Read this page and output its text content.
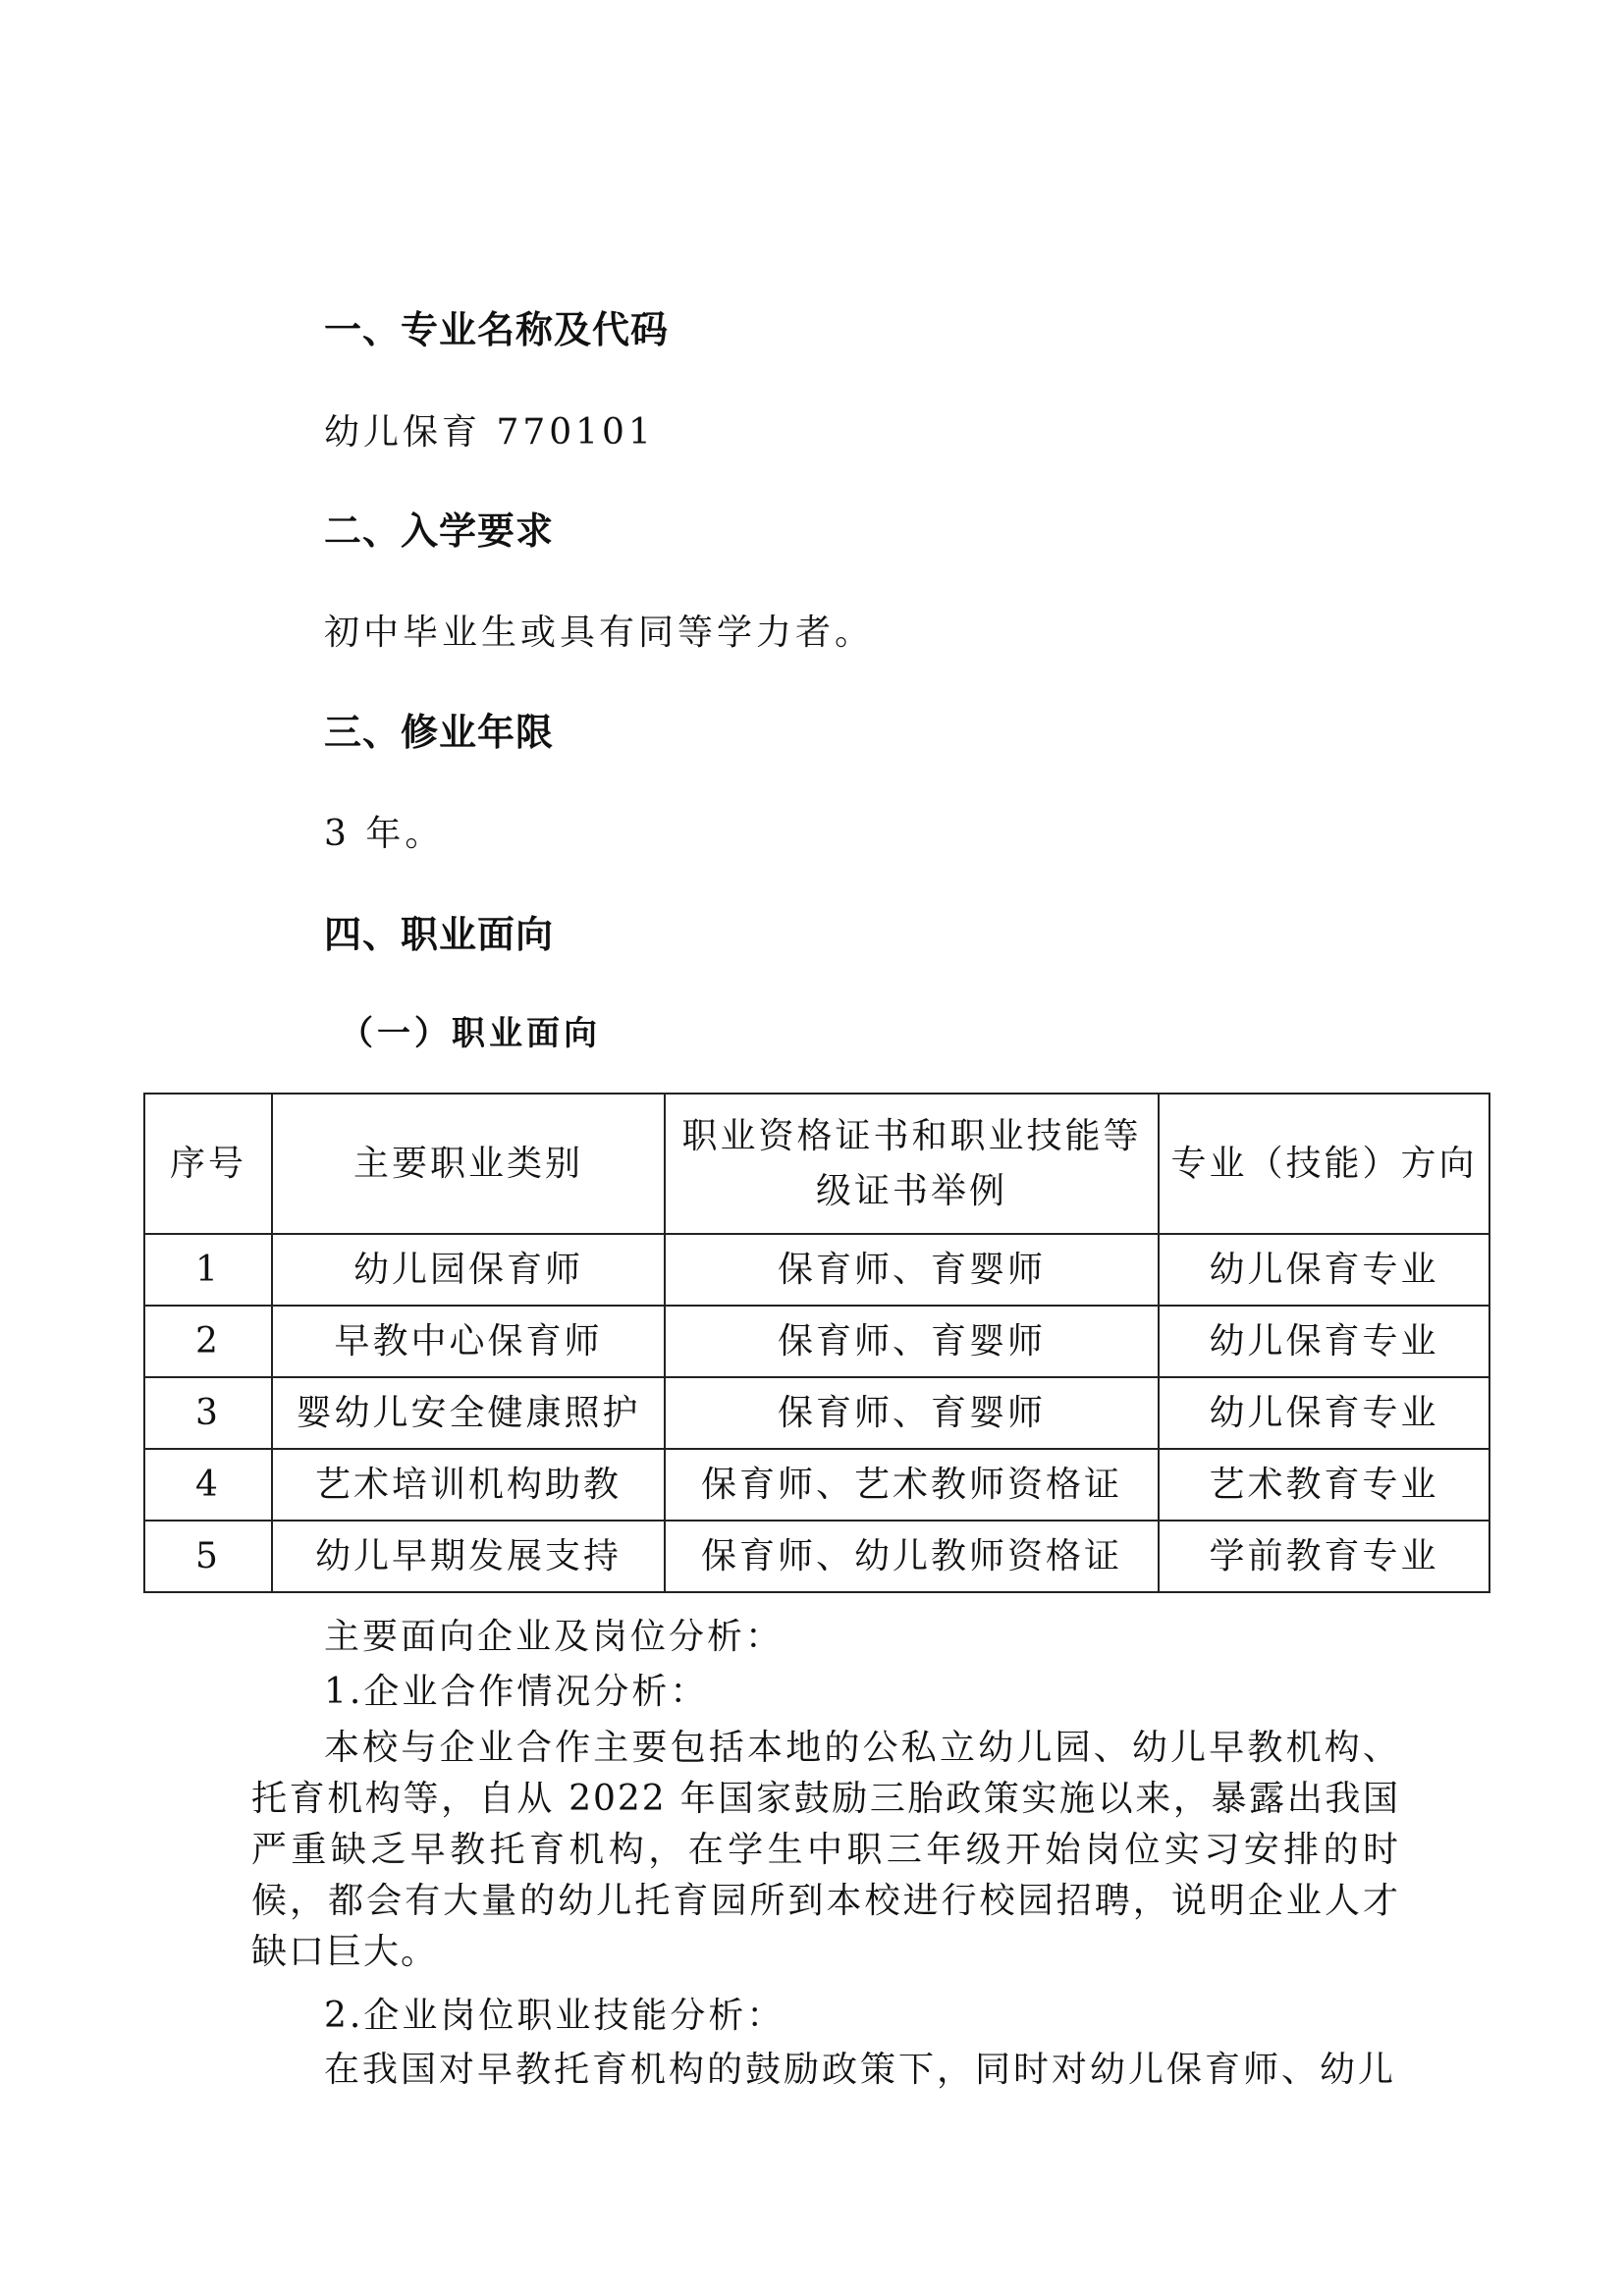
一、专业名称及代码
幼儿保育 770101
二、入学要求
初中毕业生或具有同等学力者。
三、修业年限
3 年。
四、职业面向
（一）职业面向
序号	主要职业类别	职业资格证书和职业技能等级证书举例	专业（技能）方向
1	幼儿园保育师	保育师、育婴师	幼儿保育专业
2	早教中心保育师	保育师、育婴师	幼儿保育专业
3	婴幼儿安全健康照护	保育师、育婴师	幼儿保育专业
4	艺术培训机构助教	保育师、艺术教师资格证	艺术教育专业
5	幼儿早期发展支持	保育师、幼儿教师资格证	学前教育专业
主要面向企业及岗位分析：
1.企业合作情况分析：
本校与企业合作主要包括本地的公私立幼儿园、幼儿早教机构、托育机构等，自从 2022 年国家鼓励三胎政策实施以来，暴露出我国严重缺乏早教托育机构，在学生中职三年级开始岗位实习安排的时候，都会有大量的幼儿托育园所到本校进行校园招聘，说明企业人才缺口巨大。
2.企业岗位职业技能分析：
在我国对早教托育机构的鼓励政策下，同时对幼儿保育师、幼儿
